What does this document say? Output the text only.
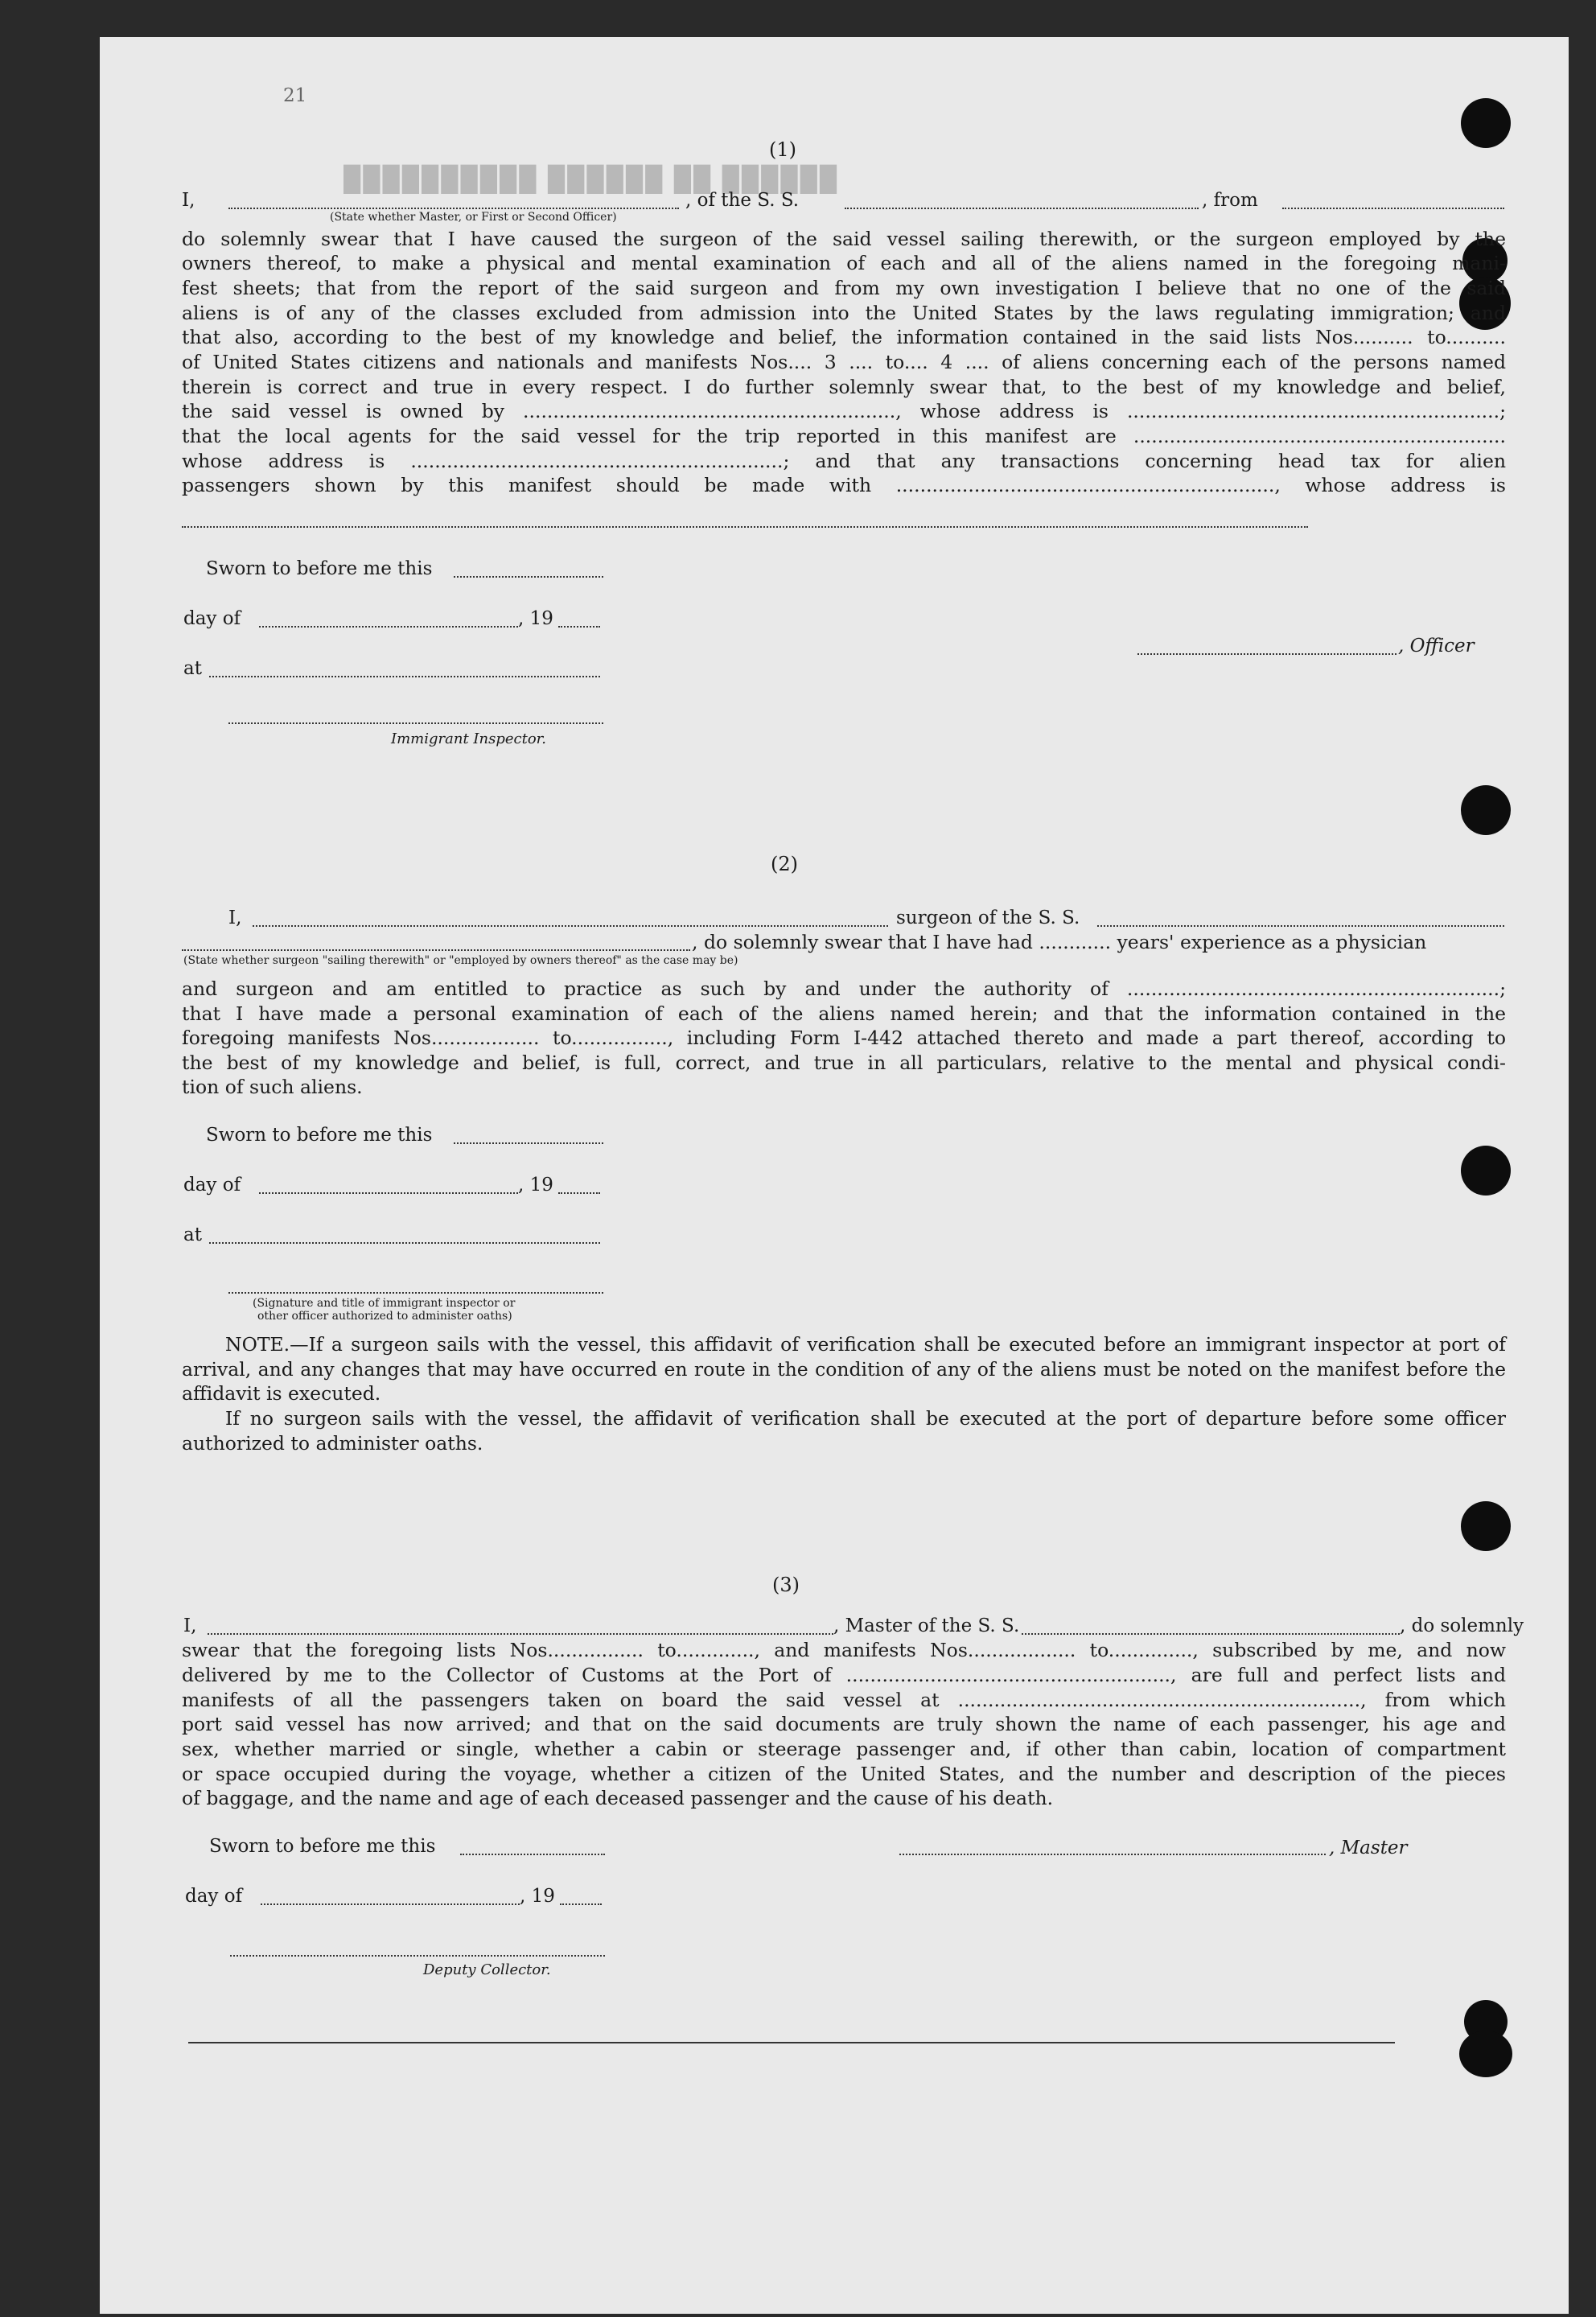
21
██████ ██ ██████ ██████████
(1)
I,	, of the S. S.	, from
(State whether Master, or First or Second Officer)
do solemnly swear that I have caused the surgeon of the said vessel sailing therewith, or the surgeon employed by the
owners thereof, to make a physical and mental examination of each and all of the aliens named in the foregoing mani-
fest sheets; that from the report of the said surgeon and from my own investigation I believe that no one of the said
aliens is of any of the classes excluded from admission into the United States by the laws regulating immigration; and
that also, according to the best of my knowledge and belief, the information contained in the said lists Nos.......... to..........
of United States citizens and nationals and manifests Nos.... 3 .... to.... 4 .... of aliens concerning each of the persons named
therein is correct and true in every respect. I do further solemnly swear that, to the best of my knowledge and belief,
the said vessel is owned by .............................................................., whose address is ..............................................................;
that the local agents for the said vessel for the trip reported in this manifest are ..............................................................
whose address is ..............................................................; and that any transactions concerning head tax for alien
passengers shown by this manifest should be made with ..............................................................., whose address is
Sworn to before me this
day of	, 19
, Officer
at
Immigrant Inspector.
(2)
I,	surgeon of the S. S.
, do solemnly swear that I have had ............ years' experience as a physician
(State whether surgeon "sailing therewith" or "employed by owners thereof" as the case may be)
and surgeon and am entitled to practice as such by and under the authority of ..............................................................;
that I have made a personal examination of each of the aliens named herein; and that the information contained in the
foregoing manifests Nos.................. to................, including Form I-442 attached thereto and made a part thereof, according to
the best of my knowledge and belief, is full, correct, and true in all particulars, relative to the mental and physical condi-
tion of such aliens.
Sworn to before me this
day of	, 19
at
(Signature and title of immigrant inspector or
other officer authorized to administer oaths)
NOTE.—If a surgeon sails with the vessel, this affidavit of verification shall be executed before an immigrant inspector at port of arrival, and any changes that may have occurred en route in the condition of any of the aliens must be noted on the manifest before the affidavit is executed.
If no surgeon sails with the vessel, the affidavit of verification shall be executed at the port of departure before some officer authorized to administer oaths.
(3)
I,	, Master of the S. S.	, do solemnly
swear that the foregoing lists Nos................ to............., and manifests Nos.................. to.............., subscribed by me, and now
delivered by me to the Collector of Customs at the Port of ......................................................, are full and perfect lists and
manifests of all the passengers taken on board the said vessel at ..................................................................., from which
port said vessel has now arrived; and that on the said documents are truly shown the name of each passenger, his age and
sex, whether married or single, whether a cabin or steerage passenger and, if other than cabin, location of compartment
or space occupied during the voyage, whether a citizen of the United States, and the number and description of the pieces
of baggage, and the name and age of each deceased passenger and the cause of his death.
Sworn to before me this	, Master
day of	, 19
Deputy Collector.
